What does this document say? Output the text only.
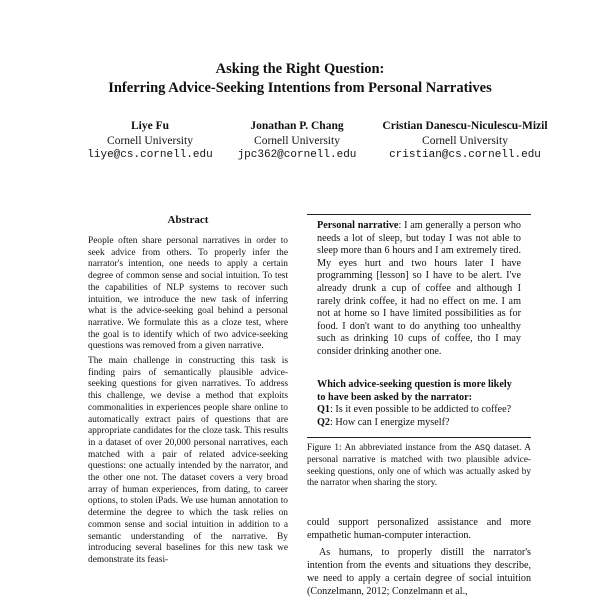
Asking the Right Question:
Inferring Advice-Seeking Intentions from Personal Narratives
Liye Fu
Cornell University
liye@cs.cornell.edu
Jonathan P. Chang
Cornell University
jpc362@cornell.edu
Cristian Danescu-Niculescu-Mizil
Cornell University
cristian@cs.cornell.edu
Abstract

People often share personal narratives in order to seek advice from others. To properly infer the narrator's intention, one needs to apply a certain degree of common sense and social intuition. To test the capabilities of NLP systems to recover such intuition, we introduce the new task of inferring what is the advice-seeking goal behind a personal narrative. We formulate this as a cloze test, where the goal is to identify which of two advice-seeking questions was removed from a given narrative.

The main challenge in constructing this task is finding pairs of semantically plausible advice-seeking questions for given narratives. To address this challenge, we devise a method that exploits commonalities in experiences people share online to automatically extract pairs of questions that are appropriate candidates for the cloze task. This results in a dataset of over 20,000 personal narratives, each matched with a pair of related advice-seeking questions: one actually intended by the narrator, and the other one not. The dataset covers a very broad array of human experiences, from dating, to career options, to stolen iPads. We use human annotation to determine the degree to which the task relies on common sense and social intuition in addition to a semantic understanding of the narrative. By introducing several baselines for this new task we demonstrate its feasi-

Personal narrative: I am generally a person who needs a lot of sleep, but today I was not able to sleep more than 6 hours and I am extremely tired. My eyes hurt and two hours later I have programming [lesson] so I have to be alert. I've already drunk a cup of coffee and although I rarely drink coffee, it had no effect on me. I am not at home so I have limited possibilities as for food. I don't want to do anything too unhealthy such as drinking 10 cups of coffee, tho I may consider drinking another one.
Which advice-seeking question is more likely to have been asked by the narrator:
Q1: Is it even possible to be addicted to coffee?
Q2: How can I energize myself?
Figure 1: An abbreviated instance from the ASQ dataset. A personal narrative is matched with two plausible advice-seeking questions, only one of which was actually asked by the narrator when sharing the story.

could support personalized assistance and more empathetic human-computer interaction.

As humans, to properly distill the narrator's intention from the events and situations they describe, we need to apply a certain degree of social intuition (Conzelmann, 2012; Conzelmann et al.,
